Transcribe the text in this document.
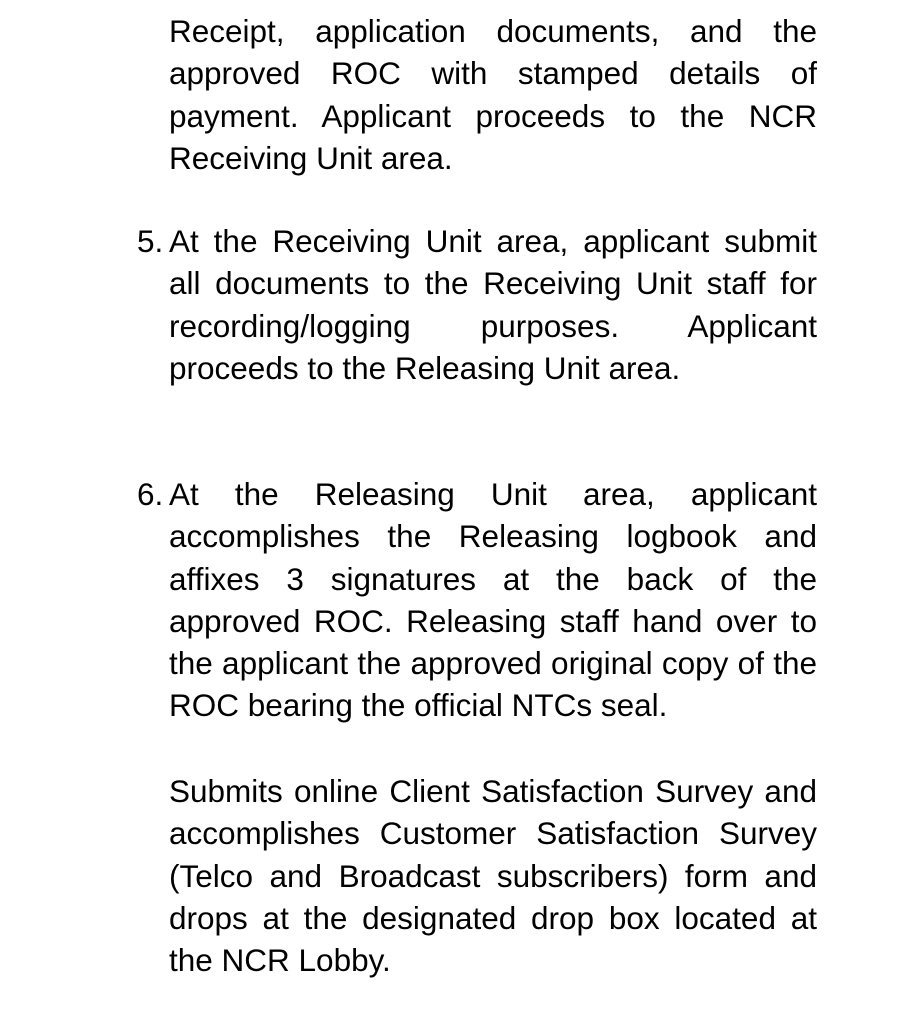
Receipt, application documents, and the approved ROC with stamped details of payment. Applicant proceeds to the NCR Receiving Unit area.

5. At the Receiving Unit area, applicant submit all documents to the Receiving Unit staff for recording/logging purposes. Applicant proceeds to the Releasing Unit area.

6. At the Releasing Unit area, applicant accomplishes the Releasing logbook and affixes 3 signatures at the back of the approved ROC. Releasing staff hand over to the applicant the approved original copy of the ROC bearing the official NTCs seal.

Submits online Client Satisfaction Survey and accomplishes Customer Satisfaction Survey (Telco and Broadcast subscribers) form and drops at the designated drop box located at the NCR Lobby.
